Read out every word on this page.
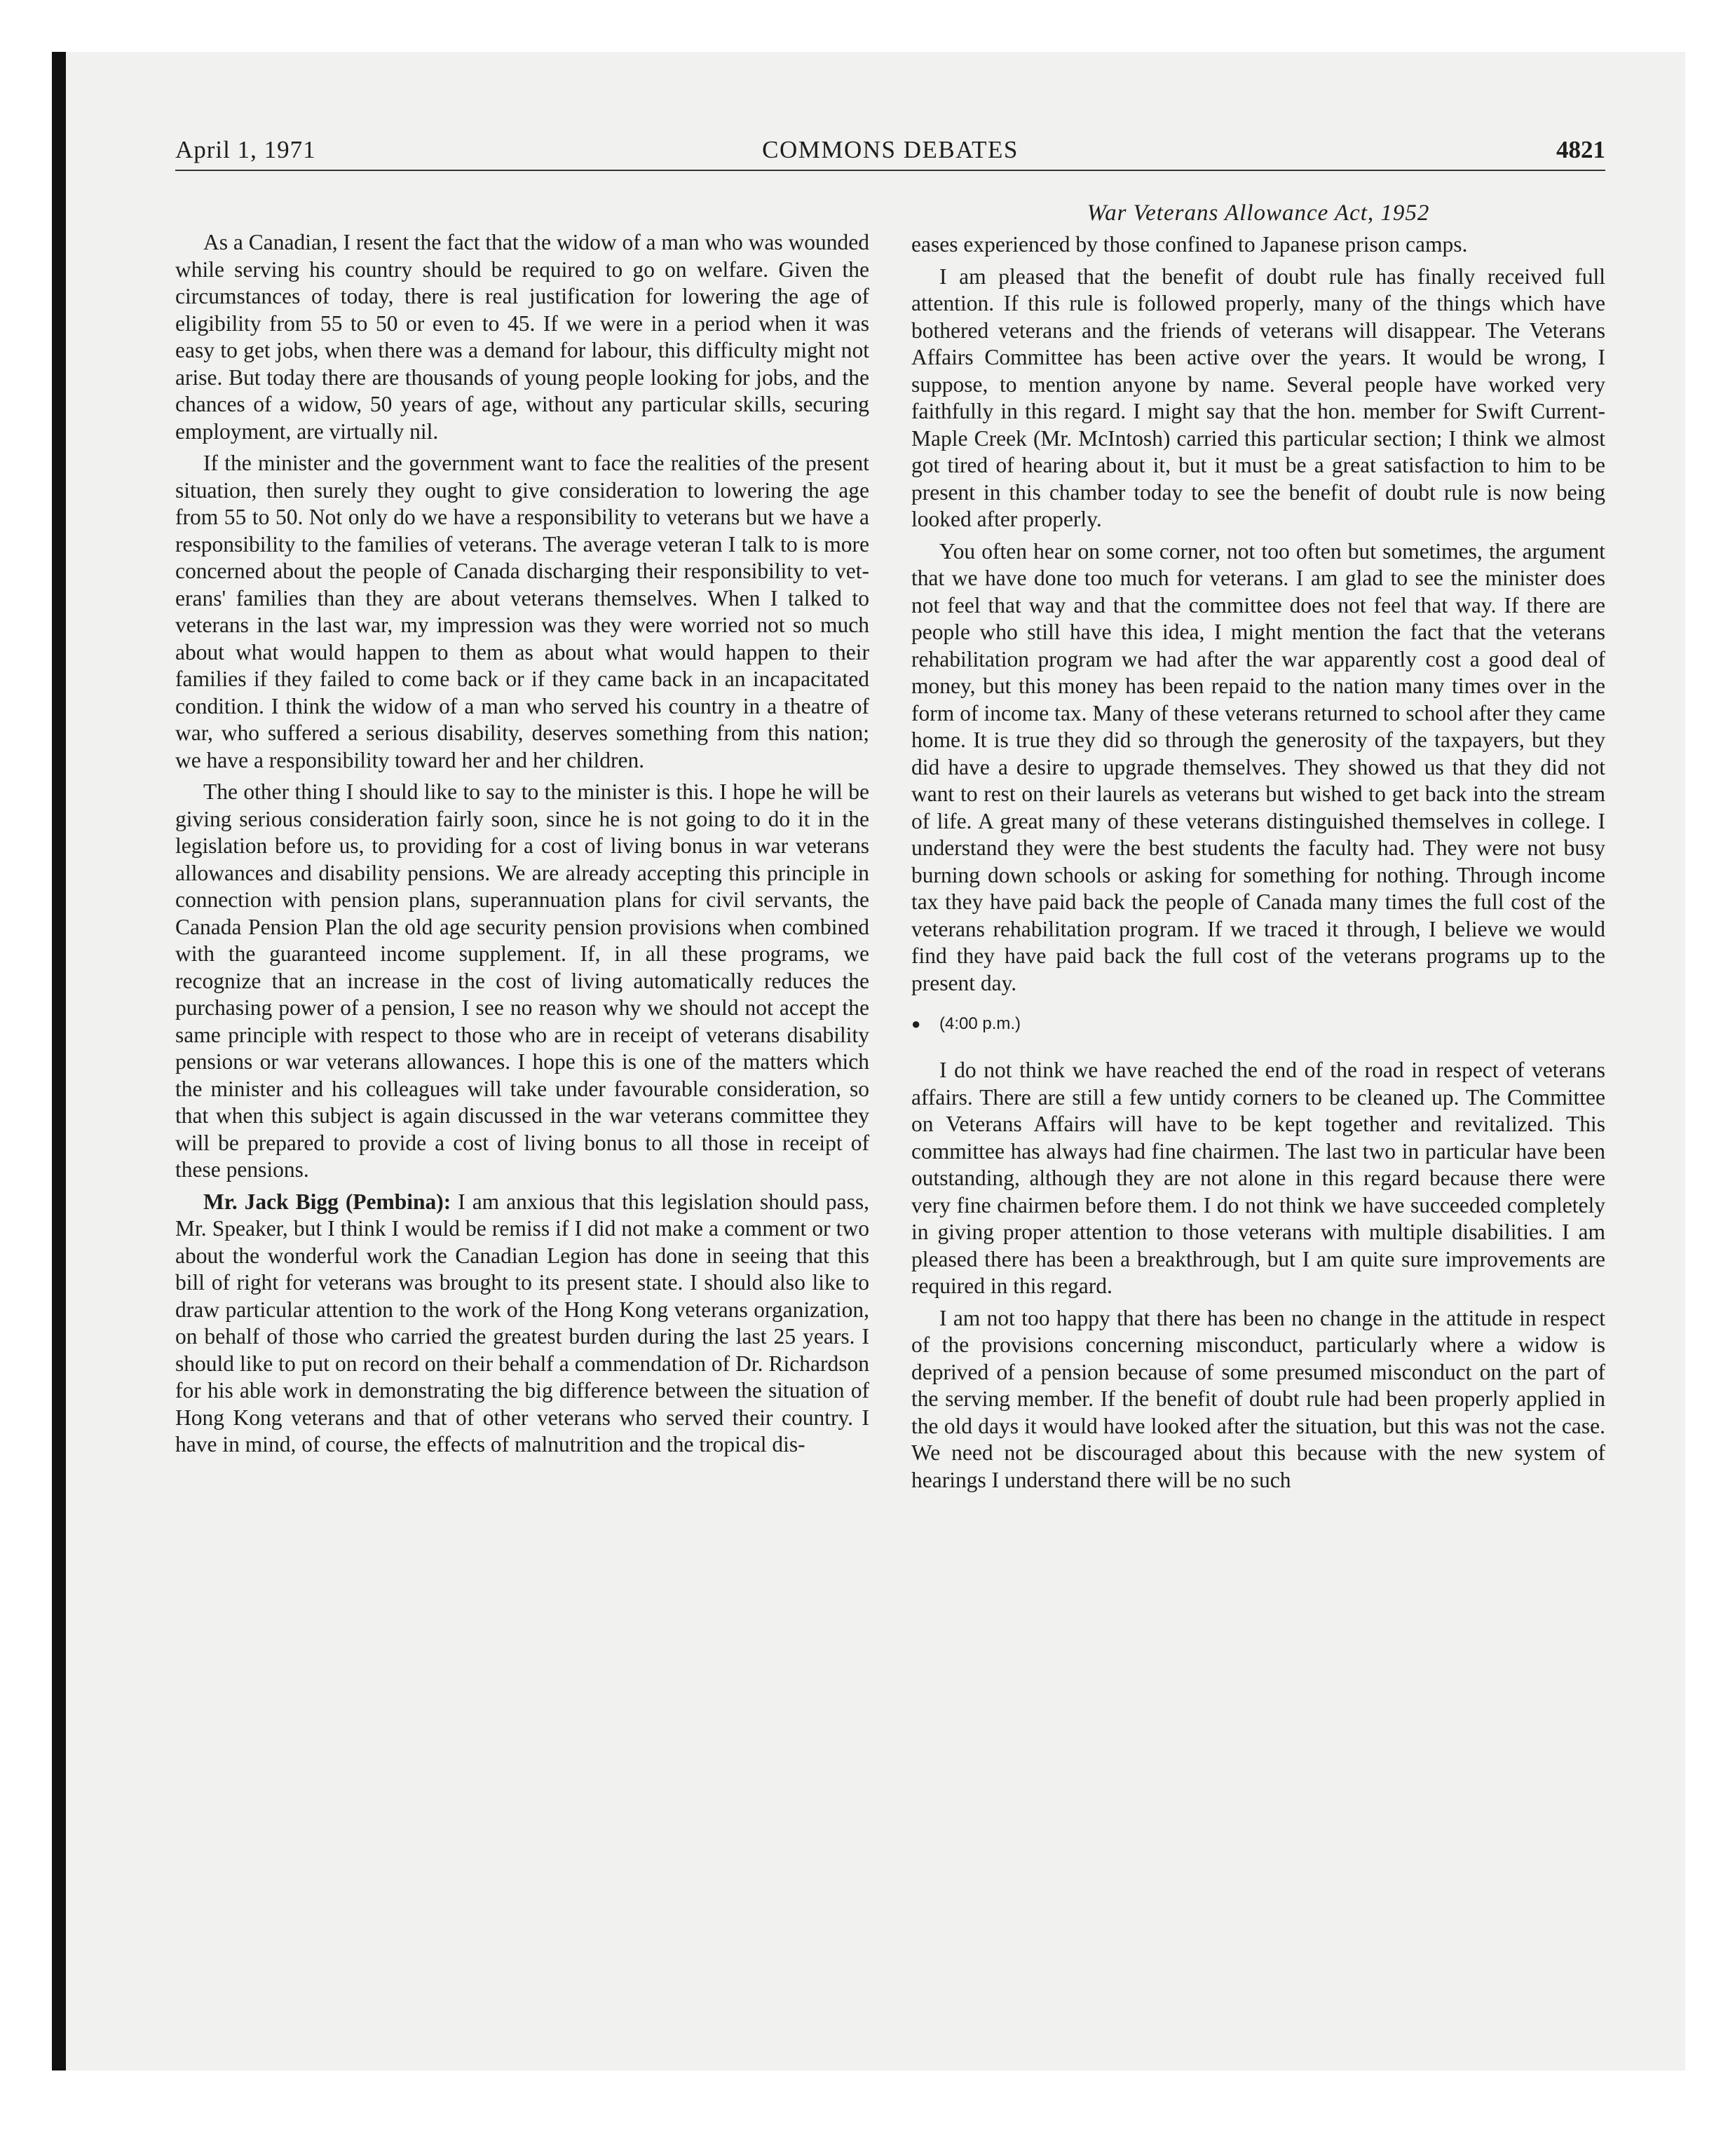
April 1, 1971	COMMONS DEBATES	4821
War Veterans Allowance Act, 1952

As a Canadian, I resent the fact that the widow of a man who was wounded while serving his country should be required to go on welfare. Given the circumstances of today, there is real justification for lowering the age of eligibility from 55 to 50 or even to 45. If we were in a period when it was easy to get jobs, when there was a demand for labour, this difficulty might not arise. But today there are thousands of young people looking for jobs, and the chances of a widow, 50 years of age, without any particular skills, securing employment, are virtually nil.

If the minister and the government want to face the realities of the present situation, then surely they ought to give consideration to lowering the age from 55 to 50. Not only do we have a responsibility to veterans but we have a responsibility to the families of veterans. The average veteran I talk to is more concerned about the people of Canada discharging their responsibility to veterans' families than they are about veterans themselves. When I talked to veterans in the last war, my impression was they were worried not so much about what would happen to them as about what would happen to their families if they failed to come back or if they came back in an incapacitated condition. I think the widow of a man who served his country in a theatre of war, who suffered a serious disability, deserves something from this nation; we have a responsibility toward her and her children.

The other thing I should like to say to the minister is this. I hope he will be giving serious consideration fairly soon, since he is not going to do it in the legislation before us, to providing for a cost of living bonus in war veterans allowances and disability pensions. We are already accepting this principle in connection with pension plans, superannuation plans for civil servants, the Canada Pension Plan the old age security pension provisions when combined with the guaranteed income supplement. If, in all these programs, we recognize that an increase in the cost of living automatically reduces the purchasing power of a pension, I see no reason why we should not accept the same principle with respect to those who are in receipt of veterans disability pensions or war veterans allowances. I hope this is one of the matters which the minister and his colleagues will take under favourable consideration, so that when this subject is again discussed in the war veterans committee they will be prepared to provide a cost of living bonus to all those in receipt of these pensions.

Mr. Jack Bigg (Pembina): I am anxious that this legislation should pass, Mr. Speaker, but I think I would be remiss if I did not make a comment or two about the wonderful work the Canadian Legion has done in seeing that this bill of right for veterans was brought to its present state. I should also like to draw particular attention to the work of the Hong Kong veterans organization, on behalf of those who carried the greatest burden during the last 25 years. I should like to put on record on their behalf a commendation of Dr. Richardson for his able work in demonstrating the big difference between the situation of Hong Kong veterans and that of other veterans who served their country. I have in mind, of course, the effects of malnutrition and the tropical dis-

eases experienced by those confined to Japanese prison camps.

I am pleased that the benefit of doubt rule has finally received full attention. If this rule is followed properly, many of the things which have bothered veterans and the friends of veterans will disappear. The Veterans Affairs Committee has been active over the years. It would be wrong, I suppose, to mention anyone by name. Several people have worked very faithfully in this regard. I might say that the hon. member for Swift Current-Maple Creek (Mr. McIntosh) carried this particular section; I think we almost got tired of hearing about it, but it must be a great satisfaction to him to be present in this chamber today to see the benefit of doubt rule is now being looked after properly.

You often hear on some corner, not too often but sometimes, the argument that we have done too much for veterans. I am glad to see the minister does not feel that way and that the committee does not feel that way. If there are people who still have this idea, I might mention the fact that the veterans rehabilitation program we had after the war apparently cost a good deal of money, but this money has been repaid to the nation many times over in the form of income tax. Many of these veterans returned to school after they came home. It is true they did so through the generosity of the taxpayers, but they did have a desire to upgrade themselves. They showed us that they did not want to rest on their laurels as veterans but wished to get back into the stream of life. A great many of these veterans distinguished themselves in college. I understand they were the best students the faculty had. They were not busy burning down schools or asking for something for nothing. Through income tax they have paid back the people of Canada many times the full cost of the veterans rehabilitation program. If we traced it through, I believe we would find they have paid back the full cost of the veterans programs up to the present day.

● (4:00 p.m.)

I do not think we have reached the end of the road in respect of veterans affairs. There are still a few untidy corners to be cleaned up. The Committee on Veterans Affairs will have to be kept together and revitalized. This committee has always had fine chairmen. The last two in particular have been outstanding, although they are not alone in this regard because there were very fine chairmen before them. I do not think we have succeeded completely in giving proper attention to those veterans with multiple disabilities. I am pleased there has been a breakthrough, but I am quite sure improvements are required in this regard.

I am not too happy that there has been no change in the attitude in respect of the provisions concerning misconduct, particularly where a widow is deprived of a pension because of some presumed misconduct on the part of the serving member. If the benefit of doubt rule had been properly applied in the old days it would have looked after the situation, but this was not the case. We need not be discouraged about this because with the new system of hearings I understand there will be no such
